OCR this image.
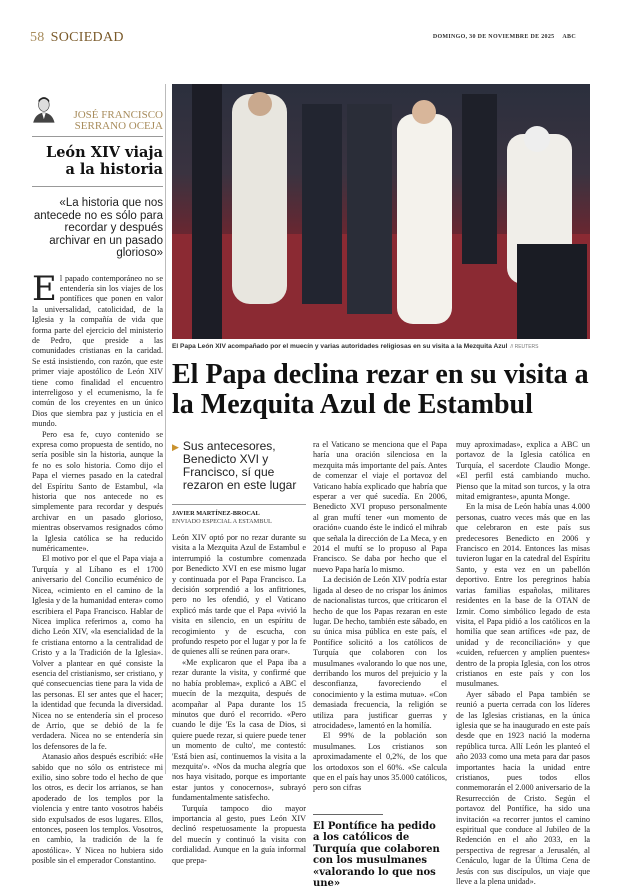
58 SOCIEDAD	DOMINGO, 30 DE NOVIEMBRE DE 2025 ABC
JOSÉ FRANCISCO SERRANO OCEJA
León XIV viaja a la historia
«La historia que nos antecede no es sólo para recordar y después archivar en un pasado glorioso»

El papado contemporáneo no se entendería sin los viajes de los pontífices que ponen en valor la universalidad, catolicidad, de la Iglesia y la compañía de vida que forma parte del ejercicio del ministerio de Pedro, que preside a las comunidades cristianas en la caridad. Se está insistiendo, con razón, que este primer viaje apostólico de León XIV tiene como finalidad el encuentro interreligoso y el ecumenismo, la fe común de los creyentes en un único Dios que siembra paz y justicia en el mundo.

Pero esa fe, cuyo contenido se expresa como propuesta de sentido, no sería posible sin la historia, aunque la fe no es solo historia. Como dijo el Papa el viernes pasado en la catedral del Espíritu Santo de Estambul, «la historia que nos antecede no es simplemente para recordar y después archivar en un pasado glorioso, mientras observamos resignados cómo la Iglesia católica se ha reducido numéricamente».

El motivo por el que el Papa viaja a Turquía y al Líbano es el 1700 aniversario del Concilio ecuménico de Nicea, «cimiento en el camino de la Iglesia y de la humanidad entera» como escribiera el Papa Francisco. Hablar de Nicea implica referirnos a, como ha dicho León XIV, «la esencialidad de la fe cristiana entorno a la centralidad de Cristo y a la Tradición de la Iglesia». Volver a plantear en qué consiste la esencia del cristianismo, ser cristiano, y qué consecuencias tiene para la vida de las personas. El ser antes que el hacer; la identidad que fecunda la diversidad. Nicea no se entendería sin el proceso de Arrio, que se debió de la fe verdadera. Nicea no se entendería sin los defensores de la fe.

Atanasio años después escribió: «He sabido que no sólo os entristece mi exilio, sino sobre todo el hecho de que los otros, es decir los arrianos, se han apoderado de los templos por la violencia y entre tanto vosotros habéis sido expulsados de esos lugares. Ellos, entonces, poseen los templos. Vosotros, en cambio, la tradición de la fe apostólica». Y Nicea no hubiera sido posible sin el emperador Constantino.

El Papa León XIV acompañado por el muecín y varias autoridades religiosas en su visita a la Mezquita Azul // REUTERS
El Papa declina rezar en su visita a la Mezquita Azul de Estambul
▶ Sus antecesores, Benedicto XVI y Francisco, sí que rezaron en este lugar
JAVIER MARTÍNEZ-BROCAL
ENVIADO ESPECIAL A ESTAMBUL

León XIV optó por no rezar durante su visita a la Mezquita Azul de Estambul e interrumpió la costumbre comenzada por Benedicto XVI en ese mismo lugar y continuada por el Papa Francisco. La decisión sorprendió a los anfitriones, pero no les ofendió, y el Vaticano explicó más tarde que el Papa «vivió la visita en silencio, en un espíritu de recogimiento y de escucha, con profundo respeto por el lugar y por la fe de quienes allí se reúnen para orar».

«Me explicaron que el Papa iba a rezar durante la visita, y confirmé que no había problema», explicó a ABC el muecín de la mezquita, después de acompañar al Papa durante los 15 minutos que duró el recorrido. «Pero cuando le dije 'Es la casa de Dios, si quiere puede rezar, si quiere puede tener un momento de culto', me contestó: 'Está bien así, continuemos la visita a la mezquita'». «Nos da mucha alegría que nos haya visitado, porque es importante estar juntos y conocernos», subrayó fundamentalmente satisfecho.

Turquía tampoco dio mayor importancia al gesto, pues León XIV declinó respetuosamente la propuesta del muecín y continuó la visita con cordialidad. Aunque en la guía informal que prepa-

ra el Vaticano se menciona que el Papa haría una oración silenciosa en la mezquita más importante del país. Antes de comenzar el viaje el portavoz del Vaticano había explicado que habría que esperar a ver qué sucedía. En 2006, Benedicto XVI propuso personalmente al gran muftí tener «un momento de oración» cuando éste le indicó el mihrab que señala la dirección de La Meca, y en 2014 el muftí se lo propuso al Papa Francisco. Se daba por hecho que el nuevo Papa haría lo mismo.

La decisión de León XIV podría estar ligada al deseo de no crispar los ánimos de nacionalistas turcos, que criticaron el hecho de que los Papas rezaran en este lugar. De hecho, también este sábado, en su única misa pública en este país, el Pontífice solicitó a los católicos de Turquía que colaboren con los musulmanes «valorando lo que nos une, derribando los muros del prejuicio y la desconfianza, favoreciendo el conocimiento y la estima mutua». «Con demasiada frecuencia, la religión se utiliza para justificar guerras y atrocidades», lamentó en la homilía.

El 99% de la población son musulmanes. Los cristianos son aproximadamente el 0,2%, de los que los ortodoxos son el 60%. «Se calcula que en el país hay unos 35.000 católicos, pero son cifras

El Pontífice ha pedido a los católicos de Turquía que colaboren con los musulmanes «valorando lo que nos une»

muy aproximadas», explica a ABC un portavoz de la Iglesia católica en Turquía, el sacerdote Claudio Monge. «El perfil está cambiando mucho. Pienso que la mitad son turcos, y la otra mitad emigrantes», apunta Monge.

En la misa de León había unas 4.000 personas, cuatro veces más que en las que celebraron en este país sus predecesores Benedicto en 2006 y Francisco en 2014. Entonces las misas tuvieron lugar en la catedral del Espíritu Santo, y esta vez en un pabellón deportivo. Entre los peregrinos había varias familias españolas, militares residentes en la base de la OTAN de Izmir. Como simbólico legado de esta visita, el Papa pidió a los católicos en la homilía que sean artífices «de paz, de unidad y de reconciliación» y que «cuiden, refuercen y amplíen puentes» dentro de la propia Iglesia, con los otros cristianos en este país y con los musulmanes.

Ayer sábado el Papa también se reunió a puerta cerrada con los líderes de las Iglesias cristianas, en la única iglesia que se ha inaugurado en este país desde que en 1923 nació la moderna república turca. Allí León les planteó el año 2033 como una meta para dar pasos importantes hacia la unidad entre cristianos, pues todos ellos conmemorarán el 2.000 aniversario de la Resurrección de Cristo. Según el portavoz del Pontífice, ha sido una invitación «a recorrer juntos el camino espiritual que conduce al Jubileo de la Redención en el año 2033, en la perspectiva de regresar a Jerusalén, al Cenáculo, lugar de la Última Cena de Jesús con sus discípulos, un viaje que lleve a la plena unidad».
